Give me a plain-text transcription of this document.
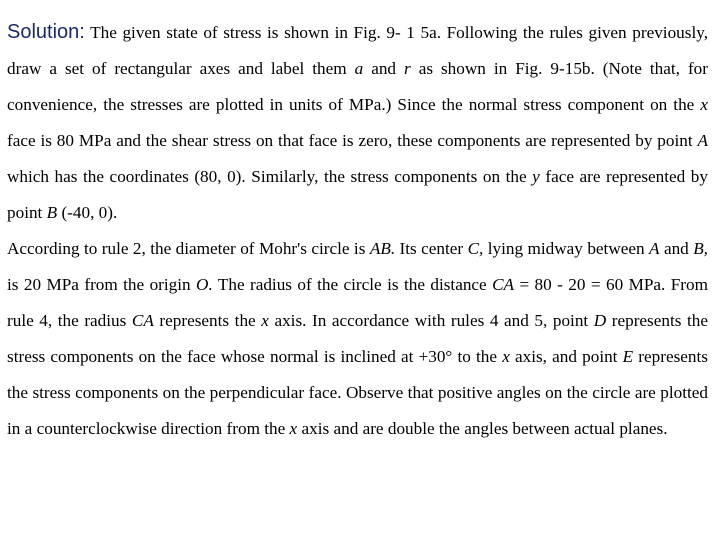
Solution: The given state of stress is shown in Fig. 9- 1 5a. Following the rules given previously, draw a set of rectangular axes and label them a and r as shown in Fig. 9-15b. (Note that, for convenience, the stresses are plotted in units of MPa.) Since the normal stress component on the x face is 80 MPa and the shear stress on that face is zero, these components are represented by point A which has the coordinates (80, 0). Similarly, the stress components on the y face are represented by point B (-40, 0).

According to rule 2, the diameter of Mohr's circle is AB. Its center C, lying midway between A and B, is 20 MPa from the origin O. The radius of the circle is the distance CA = 80 - 20 = 60 MPa. From rule 4, the radius CA represents the x axis. In accordance with rules 4 and 5, point D represents the stress components on the face whose normal is inclined at +30° to the x axis, and point E represents the stress components on the perpendicular face. Observe that positive angles on the circle are plotted in a counterclockwise direction from the x axis and are double the angles between actual planes.
